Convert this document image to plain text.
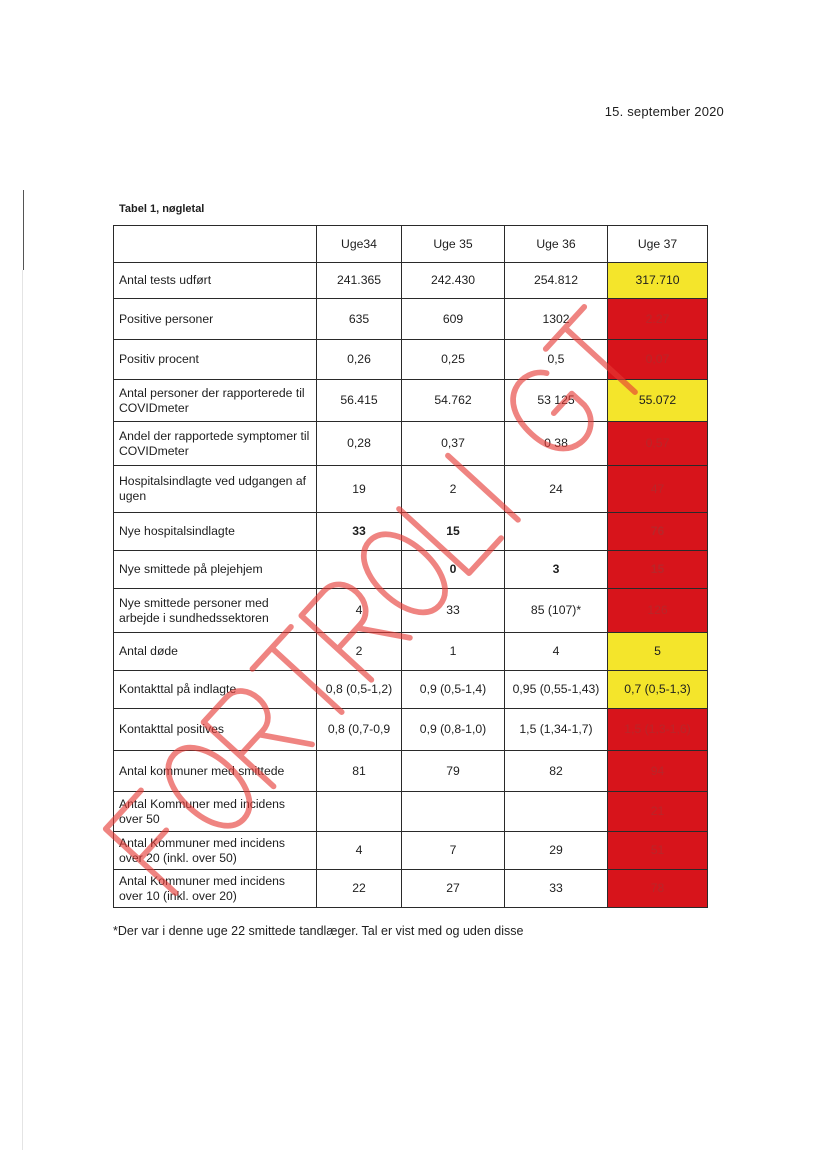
15. september 2020
Tabel 1, nøgletal
	Uge34	Uge 35	Uge 36	Uge 37
Antal tests udført	241.365	242.430	254.812	317.710
Positive personer	635	609	1302	2.27
Positiv procent	0,26	0,25	0,5	0,07
Antal personer der rapporterede til COVIDmeter	56.415	54.762	53 125	55.072
Andel der rapportede symptomer til COVIDmeter	0,28	0,37	0 38	0,57
Hospitalsindlagte ved udgangen af ugen	19	2	24	47
Nye hospitalsindlagte	33	15		76
Nye smittede på plejehjem		0	3	15
Nye smittede personer med arbejde i sundhedssektoren	4	33	85 (107)*	126
Antal døde	2	1	4	5
Kontakttal på indlagte	0,8 (0,5-1,2)	0,9 (0,5-1,4)	0,95 (0,55-1,43)	0,7 (0,5-1,3)
Kontakttal positives	0,8 (0,7-0,9	0,9 (0,8-1,0)	1,5 (1,34-1,7)	1,5 (1,3-1,6)
Antal kommuner med smittede	81	79	82	94
Antal Kommuner med incidens over 50				21
Antal Kommuner med incidens over 20 (inkl. over 50)	4	7	29	51
Antal Kommuner med incidens over 10 (inkl. over 20)	22	27	33	78
*Der var i denne uge 22 smittede tandlæger. Tal er vist med og uden disse
